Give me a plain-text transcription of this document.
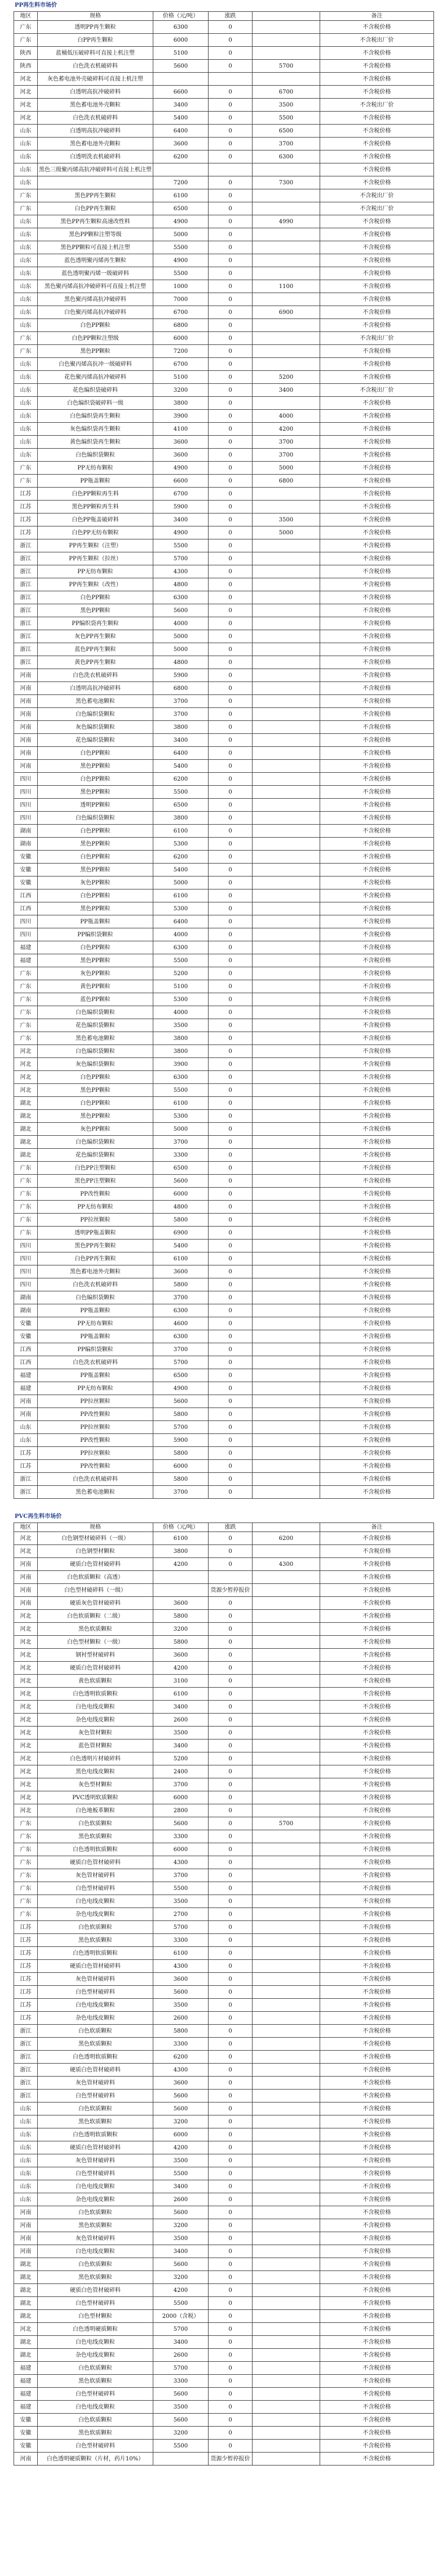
PP再生料市场价
地区	规格	价格（元/吨）	涨跌		备注
广东	透明PP再生颗粒	6300	0		不含税价格
广东	白PP再生颗粒	6000	0		不含税出厂价
陕西	蓝桶低压破碎料可直接上机注塑	5100	0		不含税价格
陕西	白色洗衣机破碎料	5600	0	5700	不含税价格
河北	灰色蓄电池外壳破碎料可直接上机注塑				不含税价格
河北	白透明高抗冲破碎料	6600	0	6700	不含税价格
河北	黑色蓄电池外壳颗粒	3400	0	3500	不含税出厂价
河北	白色洗衣机破碎料	5400	0	5500	不含税价格
山东	白透明高抗冲破碎料	6400	0	6500	不含税价格
山东	黑色蓄电池外壳颗粒	3600	0	3700	不含税价格
山东	白透明洗衣机破碎料	6200	0	6300	不含税价格
山东	黑色三级聚丙烯高抗冲破碎料可直接上机注塑				不含税价格
山东		7200	0	7300	不含税价格
广东	黑色PP再生颗粒	6100	0		不含税出厂价
广东	白色PP再生颗粒	6500	0		不含税出厂价
山东	黑色PP再生颗粒高速改性料	4900	0	4990	不含税价格
山东	黑色PP颗粒注塑等级	5000	0		不含税价格
山东	黑色PP颗粒可直接上机注塑	5500	0		不含税价格
山东	蓝色透明聚丙烯再生颗粒	4900	0		不含税价格
山东	蓝色透明聚丙烯一级破碎料	5500	0		不含税价格
山东	黑色聚丙烯高抗冲破碎料可直接上机注塑	1000	0	1100	不含税价格
山东	黑色聚丙烯高抗冲破碎料	7000	0		不含税价格
山东	白色聚丙烯高抗冲破碎料	6700	0	6900	不含税价格
山东	白色PP颗粒	6800	0		不含税价格
广东	白色PP颗粒注塑级	6000	0		不含税出厂价
广东	黑色PP颗粒	7200	0		不含税价格
山东	白色聚丙烯高抗冲一级破碎料	6700	0		不含税价格
山东	花色聚丙烯高抗冲破碎料	5100	0	5200	不含税价格
山东	花色编织袋破碎料	3200	0	3400	不含税出厂价
山东	白色编织袋破碎料一级	3800	0		不含税价格
山东	白色编织袋再生颗粒	3900	0	4000	不含税价格
山东	灰色编织袋再生颗粒	4100	0	4200	不含税价格
山东	黄色编织袋再生颗粒	3600	0	3700	不含税价格
山东	白色编织袋颗粒	3600	0	3700	不含税价格
广东	PP无纺布颗粒	4900	0	5000	不含税价格
广东	PP瓶盖颗粒	6600	0	6800	不含税价格
江苏	白色PP颗粒再生料	6700	0		不含税价格
江苏	黑色PP颗粒再生料	5900	0		不含税价格
江苏	白色PP瓶盖破碎料	3400	0	3500	不含税价格
江苏	白色PP无纺布颗粒	4900	0	5000	不含税价格
浙江	PP再生颗粒（注塑）	5500	0		不含税价格
浙江	PP再生颗粒（拉丝）	5700	0		不含税价格
浙江	PP无纺布颗粒	4300	0		不含税价格
浙江	PP再生颗粒（改性）	4800	0		不含税价格
浙江	白色PP颗粒	6300	0		不含税价格
浙江	黑色PP颗粒	5600	0		不含税价格
浙江	PP编织袋再生颗粒	4000	0		不含税价格
浙江	灰色PP再生颗粒	5000	0		不含税价格
浙江	蓝色PP再生颗粒	5000	0		不含税价格
浙江	黄色PP再生颗粒	4800	0		不含税价格
河南	白色洗衣机破碎料	5900	0		不含税价格
河南	白透明高抗冲破碎料	6800	0		不含税价格
河南	黑色蓄电池颗粒	3700	0		不含税价格
河南	白色编织袋颗粒	3700	0		不含税价格
河南	灰色编织袋颗粒	3800	0		不含税价格
河南	花色编织袋颗粒	3400	0		不含税价格
河南	白色PP颗粒	6400	0		不含税价格
河南	黑色PP颗粒	5400	0		不含税价格
四川	白色PP颗粒	6200	0		不含税价格
四川	黑色PP颗粒	5500	0		不含税价格
四川	透明PP颗粒	6500	0		不含税价格
四川	白色编织袋颗粒	3800	0		不含税价格
湖南	白色PP颗粒	6100	0		不含税价格
湖南	黑色PP颗粒	5300	0		不含税价格
安徽	白色PP颗粒	6200	0		不含税价格
安徽	黑色PP颗粒	5400	0		不含税价格
安徽	灰色PP颗粒	5000	0		不含税价格
江西	白色PP颗粒	6100	0		不含税价格
江西	黑色PP颗粒	5300	0		不含税价格
四川	PP瓶盖颗粒	6400	0		不含税价格
四川	PP编织袋颗粒	4000	0		不含税价格
福建	白色PP颗粒	6300	0		不含税价格
福建	黑色PP颗粒	5500	0		不含税价格
广东	灰色PP颗粒	5200	0		不含税价格
广东	黄色PP颗粒	5100	0		不含税价格
广东	蓝色PP颗粒	5300	0		不含税价格
广东	白色编织袋颗粒	4000	0		不含税价格
广东	花色编织袋颗粒	3500	0		不含税价格
广东	黑色蓄电池颗粒	3800	0		不含税价格
河北	白色编织袋颗粒	3800	0		不含税价格
河北	灰色编织袋颗粒	3900	0		不含税价格
河北	白色PP颗粒	6300	0		不含税价格
河北	黑色PP颗粒	5500	0		不含税价格
湖北	白色PP颗粒	6100	0		不含税价格
湖北	黑色PP颗粒	5300	0		不含税价格
湖北	灰色PP颗粒	5000	0		不含税价格
湖北	白色编织袋颗粒	3700	0		不含税价格
湖北	花色编织袋颗粒	3300	0		不含税价格
广东	白色PP注塑颗粒	6500	0		不含税价格
广东	黑色PP注塑颗粒	5600	0		不含税价格
广东	PP改性颗粒	6000	0		不含税价格
广东	PP无纺布颗粒	4800	0		不含税价格
广东	PP拉丝颗粒	5800	0		不含税价格
广东	透明PP瓶盖颗粒	6900	0		不含税价格
四川	黑色PP再生颗粒	5400	0		不含税价格
四川	白色PP再生颗粒	6100	0		不含税价格
四川	黑色蓄电池外壳颗粒	3600	0		不含税价格
四川	白色洗衣机破碎料	5800	0		不含税价格
湖南	白色编织袋颗粒	3700	0		不含税价格
湖南	PP瓶盖颗粒	6300	0		不含税价格
安徽	PP无纺布颗粒	4600	0		不含税价格
安徽	PP瓶盖颗粒	6300	0		不含税价格
江西	PP编织袋颗粒	3700	0		不含税价格
江西	白色洗衣机破碎料	5700	0		不含税价格
福建	PP瓶盖颗粒	6500	0		不含税价格
福建	PP无纺布颗粒	4900	0		不含税价格
河南	PP拉丝颗粒	5600	0		不含税价格
河南	PP改性颗粒	5800	0		不含税价格
山东	PP拉丝颗粒	5700	0		不含税价格
山东	PP改性颗粒	5900	0		不含税价格
江苏	PP拉丝颗粒	5800	0		不含税价格
江苏	PP改性颗粒	6000	0		不含税价格
浙江	白色洗衣机破碎料	5800	0		不含税价格
浙江	黑色蓄电池颗粒	3700	0		不含税价格
PVC再生料市场价
地区	规格	价格（元/吨）	涨跌		备注
河北	白色钢型材破碎料（一级）	6100	0	6200	不含税价格
河北	白色钢型材颗粒	3800	0		不含税价格
河南	硬质白色管材破碎料	4200	0	4300	不含税价格
河南	白色软质颗粒（高透）				不含税价格
河南	白色型材破碎料（一级）		货源少暂停报价		不含税价格
河南	硬质灰色管材破碎料	3600	0		不含税价格
河北	白色软质颗粒（二级）	5800	0		不含税价格
河北	黑色软质颗粒	3200	0		不含税价格
河北	白色型材颗粒（一级）	5800	0		不含税价格
河北	钢衬型材破碎料	3600	0		不含税价格
河北	硬质白色管材破碎料	4200	0		不含税价格
河北	黄色软质颗粒	3100	0		不含税价格
河北	白色透明软质颗粒	6100	0		不含税价格
河北	白色电线皮颗粒	3400	0		不含税价格
河北	杂色电线皮颗粒	2600	0		不含税价格
河北	灰色管材颗粒	3500	0		不含税价格
河北	蓝色管材颗粒	3400	0		不含税价格
河北	白色透明片材破碎料	5200	0		不含税价格
河北	黑色电线皮颗粒	2400	0		不含税价格
河北	灰色型材颗粒	3700	0		不含税价格
河北	PVC透明软质颗粒	6000	0		不含税价格
河北	白色地板革颗粒	2800	0		不含税价格
广东	白色软质颗粒	5600	0	5700	不含税价格
广东	黑色软质颗粒	3300	0		不含税价格
广东	白色透明软质颗粒	6000	0		不含税价格
广东	硬质白色管材破碎料	4300	0		不含税价格
广东	灰色管材破碎料	3700	0		不含税价格
广东	白色型材破碎料	5500	0		不含税价格
广东	白色电线皮颗粒	3500	0		不含税价格
广东	杂色电线皮颗粒	2700	0		不含税价格
江苏	白色软质颗粒	5700	0		不含税价格
江苏	黑色软质颗粒	3300	0		不含税价格
江苏	白色透明软质颗粒	6100	0		不含税价格
江苏	硬质白色管材破碎料	4300	0		不含税价格
江苏	灰色管材破碎料	3600	0		不含税价格
江苏	白色型材破碎料	5600	0		不含税价格
江苏	白色电线皮颗粒	3500	0		不含税价格
江苏	杂色电线皮颗粒	2600	0		不含税价格
浙江	白色软质颗粒	5800	0		不含税价格
浙江	黑色软质颗粒	3300	0		不含税价格
浙江	白色透明软质颗粒	6200	0		不含税价格
浙江	硬质白色管材破碎料	4300	0		不含税价格
浙江	灰色管材破碎料	3600	0		不含税价格
浙江	白色型材破碎料	5600	0		不含税价格
山东	白色软质颗粒	5600	0		不含税价格
山东	黑色软质颗粒	3200	0		不含税价格
山东	白色透明软质颗粒	6000	0		不含税价格
山东	硬质白色管材破碎料	4200	0		不含税价格
山东	灰色管材破碎料	3500	0		不含税价格
山东	白色型材破碎料	5500	0		不含税价格
山东	白色电线皮颗粒	3400	0		不含税价格
山东	杂色电线皮颗粒	2600	0		不含税价格
河南	白色软质颗粒	5600	0		不含税价格
河南	黑色软质颗粒	3200	0		不含税价格
河南	灰色管材破碎料	3500	0		不含税价格
河南	白色电线皮颗粒	3400	0		不含税价格
湖北	白色软质颗粒	5600	0		不含税价格
湖北	黑色软质颗粒	3200	0		不含税价格
湖北	硬质白色管材破碎料	4200	0		不含税价格
湖北	白色型材破碎料	5500	0		不含税价格
湖北	白色型材颗粒	2000（含税）	0		不含税价格
河北	白色透明硬质颗粒	5700	0		不含税价格
湖北	白色电线皮颗粒	3400	0		不含税价格
湖北	杂色电线皮颗粒	2600	0		不含税价格
福建	白色软质颗粒	5700	0		不含税价格
福建	黑色软质颗粒	3300	0		不含税价格
福建	白色型材破碎料	5600	0		不含税价格
福建	白色电线皮颗粒	3500	0		不含税价格
安徽	白色软质颗粒	5600	0		不含税价格
安徽	黑色软质颗粒	3200	0		不含税价格
安徽	白色型材破碎料	5500	0		不含税价格
河南	白色透明硬质颗粒（片材，药片10%）		货源少暂停报价		不含税价格
